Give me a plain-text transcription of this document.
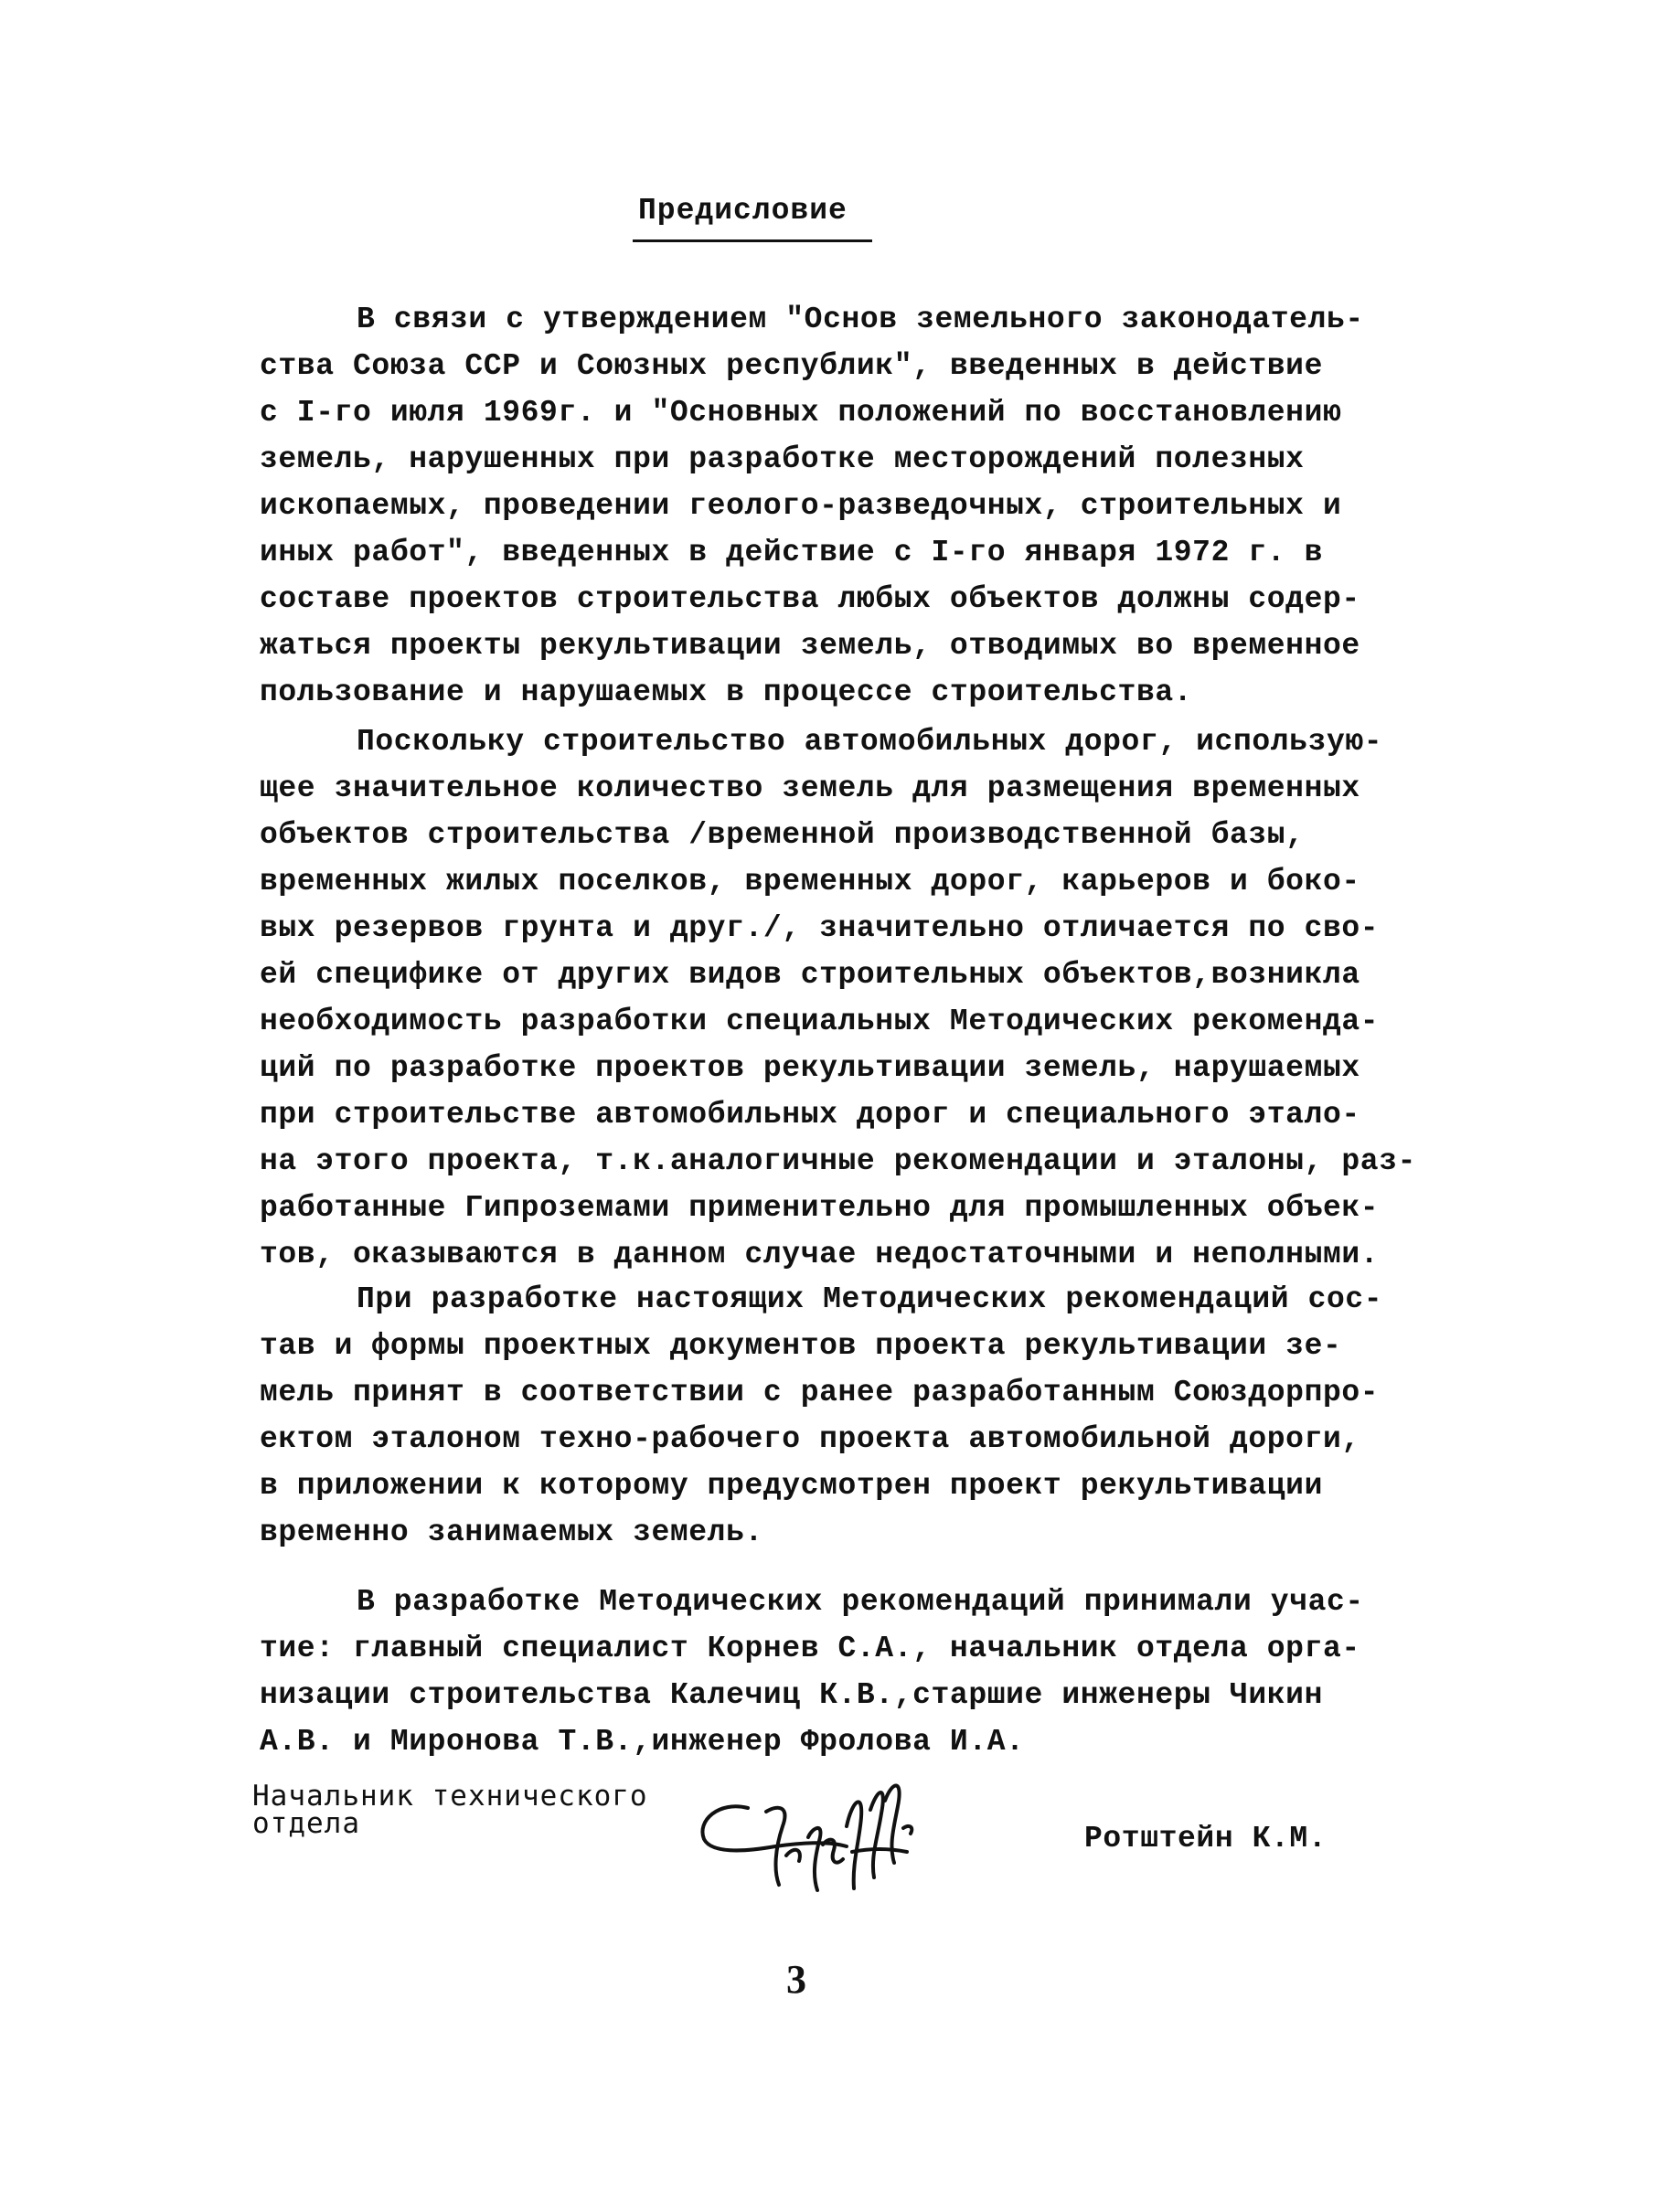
Предисловие
В связи с утверждением "Основ земельного законодатель-
ства Союза ССР и Союзных республик", введенных в действие
с I-го июля 1969г. и "Основных положений по восстановлению
земель, нарушенных при разработке месторождений полезных
ископаемых, проведении геолого-разведочных, строительных и
иных работ", введенных в действие с I-го января 1972 г. в
составе проектов строительства любых объектов должны содер-
жаться проекты рекультивации земель, отводимых во временное
пользование и нарушаемых в процессе строительства.
Поскольку строительство автомобильных дорог, использую-
щее значительное количество земель для размещения временных
объектов строительства /временной производственной базы,
временных жилых поселков, временных дорог, карьеров и боко-
вых резервов грунта и друг./, значительно отличается по сво-
ей специфике от других видов строительных объектов,возникла
необходимость разработки специальных Методических рекоменда-
ций по разработке проектов рекультивации земель, нарушаемых
при строительстве автомобильных дорог и специального этало-
на этого проекта, т.к.аналогичные рекомендации и эталоны, раз-
работанные Гипроземами применительно для промышленных объек-
тов, оказываются в данном случае недостаточными и неполными.
При разработке настоящих Методических рекомендаций сос-
тав и формы проектных документов проекта рекультивации зе-
мель принят в соответствии с ранее разработанным Союздорпро-
ектом эталоном техно-рабочего проекта автомобильной дороги,
в приложении к которому предусмотрен проект рекультивации
временно занимаемых земель.
В разработке Методических рекомендаций принимали учас-
тие: главный специалист Корнев С.А., начальник отдела орга-
низации строительства Калечиц К.В.,старшие инженеры Чикин
А.В. и Миронова Т.В.,инженер Фролова И.А.
Начальник технического
отдела	Ротштейн К.М.
3
